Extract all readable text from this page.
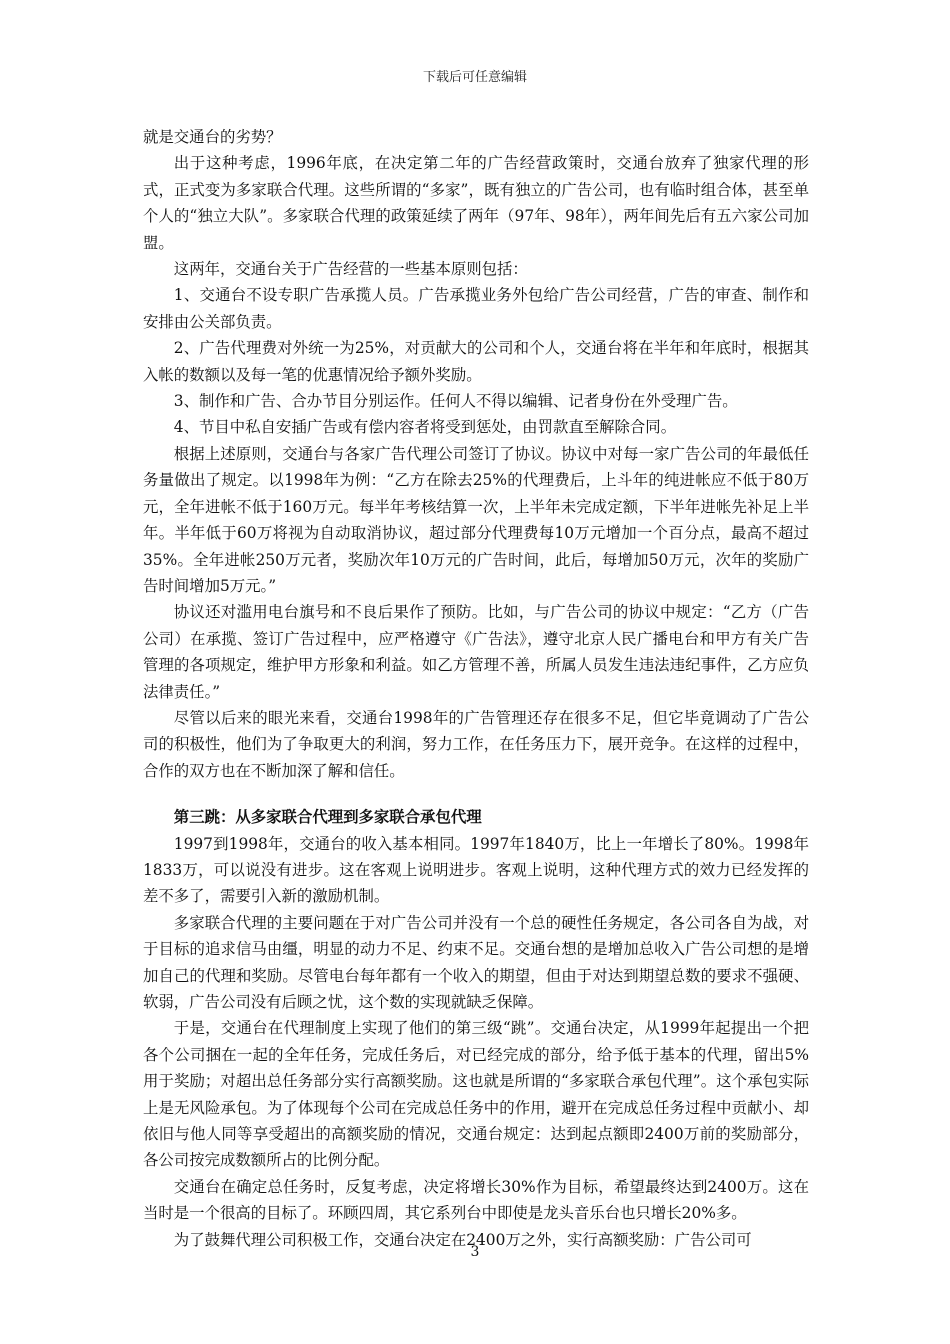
下载后可任意编辑

就是交通台的劣势？

出于这种考虑，1996年底，在决定第二年的广告经营政策时，交通台放弃了独家代理的形式，正式变为多家联合代理。这些所谓的“多家”，既有独立的广告公司，也有临时组合体，甚至单个人的“独立大队”。多家联合代理的政策延续了两年（97年、98年），两年间先后有五六家公司加盟。

这两年，交通台关于广告经营的一些基本原则包括：

1、交通台不设专职广告承揽人员。广告承揽业务外包给广告公司经营，广告的审查、制作和安排由公关部负责。

2、广告代理费对外统一为25%，对贡献大的公司和个人，交通台将在半年和年底时，根据其入帐的数额以及每一笔的优惠情况给予额外奖励。

3、制作和广告、合办节目分别运作。任何人不得以编辑、记者身份在外受理广告。

4、节目中私自安插广告或有偿内容者将受到惩处，由罚款直至解除合同。

根据上述原则，交通台与各家广告代理公司签订了协议。协议中对每一家广告公司的年最低任务量做出了规定。以1998年为例：“乙方在除去25%的代理费后，上斗年的纯进帐应不低于80万元，全年进帐不低于160万元。每半年考核结算一次，上半年未完成定额，下半年进帐先补足上半年。半年低于60万将视为自动取消协议，超过部分代理费每10万元增加一个百分点，最高不超过35%。全年进帐250万元者，奖励次年10万元的广告时间，此后，每增加50万元，次年的奖励广告时间增加5万元。”

协议还对滥用电台旗号和不良后果作了预防。比如，与广告公司的协议中规定：“乙方（广告公司）在承揽、签订广告过程中，应严格遵守《广告法》，遵守北京人民广播电台和甲方有关广告管理的各项规定，维护甲方形象和利益。如乙方管理不善，所属人员发生违法违纪事件，乙方应负法律责任。”

尽管以后来的眼光来看，交通台1998年的广告管理还存在很多不足，但它毕竟调动了广告公司的积极性，他们为了争取更大的利润，努力工作，在任务压力下，展开竞争。在这样的过程中，合作的双方也在不断加深了解和信任。

第三跳：从多家联合代理到多家联合承包代理

1997到1998年，交通台的收入基本相同。1997年1840万，比上一年增长了80%。1998年1833万，可以说没有进步。这在客观上说明进步。客观上说明，这种代理方式的效力已经发挥的差不多了，需要引入新的激励机制。

多家联合代理的主要问题在于对广告公司并没有一个总的硬性任务规定，各公司各自为战，对于目标的追求信马由缰，明显的动力不足、约束不足。交通台想的是增加总收入广告公司想的是增加自己的代理和奖励。尽管电台每年都有一个收入的期望，但由于对达到期望总数的要求不强硬、软弱，广告公司没有后顾之忧，这个数的实现就缺乏保障。

于是，交通台在代理制度上实现了他们的第三级“跳”。交通台决定，从1999年起提出一个把各个公司捆在一起的全年任务，完成任务后，对已经完成的部分，给予低于基本的代理，留出5%用于奖励；对超出总任务部分实行高额奖励。这也就是所谓的“多家联合承包代理”。这个承包实际上是无风险承包。为了体现每个公司在完成总任务中的作用，避开在完成总任务过程中贡献小、却依旧与他人同等享受超出的高额奖励的情况，交通台规定：达到起点额即2400万前的奖励部分，各公司按完成数额所占的比例分配。

交通台在确定总任务时，反复考虑，决定将增长30%作为目标，希望最终达到2400万。这在当时是一个很高的目标了。环顾四周，其它系列台中即使是龙头音乐台也只增长20%多。

为了鼓舞代理公司积极工作，交通台决定在2400万之外，实行高额奖励：广告公司可

3
